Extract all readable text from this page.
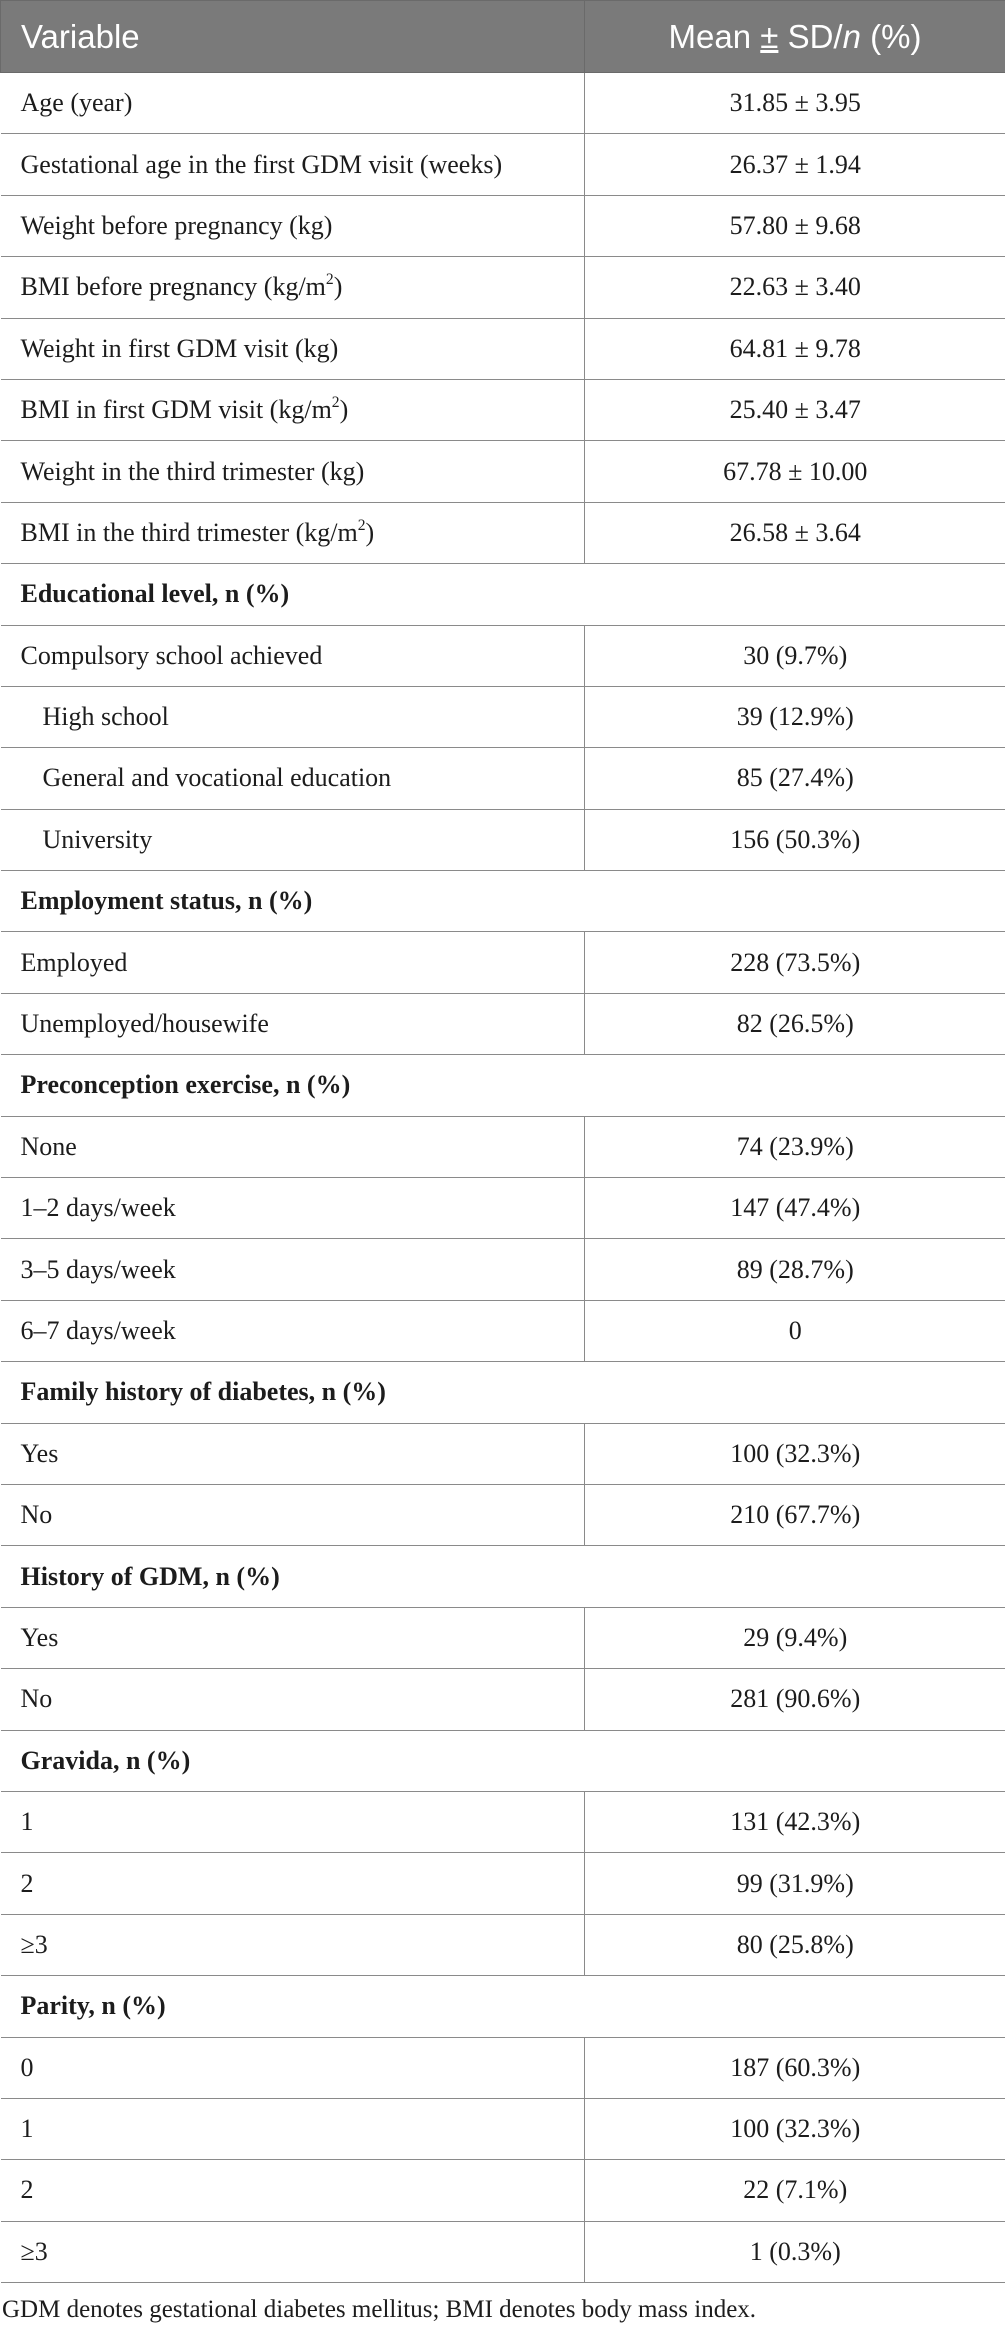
Variable	Mean ± SD/n (%)
Age (year)	31.85 ± 3.95
Gestational age in the first GDM visit (weeks)	26.37 ± 1.94
Weight before pregnancy (kg)	57.80 ± 9.68
BMI before pregnancy $(kg/m^2)$	22.63 ± 3.40
Weight in first GDM visit (kg)	64.81 ± 9.78
BMI in first GDM visit $(kg/m^2)$	25.40 ± 3.47
Weight in the third trimester (kg)	67.78 ± 10.00
BMI in the third trimester $(kg/m^2)$	26.58 ± 3.64
Educational level, n (%)	
Compulsory school achieved	30 (9.7%)
High school	39 (12.9%)
General and vocational education	85 (27.4%)
University	156 (50.3%)
Employment status, n (%)	
Employed	228 (73.5%)
Unemployed/housewife	82 (26.5%)
Preconception exercise, n (%)	
None	74 (23.9%)
1–2 days/week	147 (47.4%)
3–5 days/week	89 (28.7%)
6–7 days/week	0
Family history of diabetes, n (%)	
Yes	100 (32.3%)
No	210 (67.7%)
History of GDM, n (%)	
Yes	29 (9.4%)
No	281 (90.6%)
Gravida, n (%)	
1	131 (42.3%)
2	99 (31.9%)
≥3	80 (25.8%)
Parity, n (%)	
0	187 (60.3%)
1	100 (32.3%)
2	22 (7.1%)
≥3	1 (0.3%)

GDM denotes gestational diabetes mellitus; BMI denotes body mass index.
